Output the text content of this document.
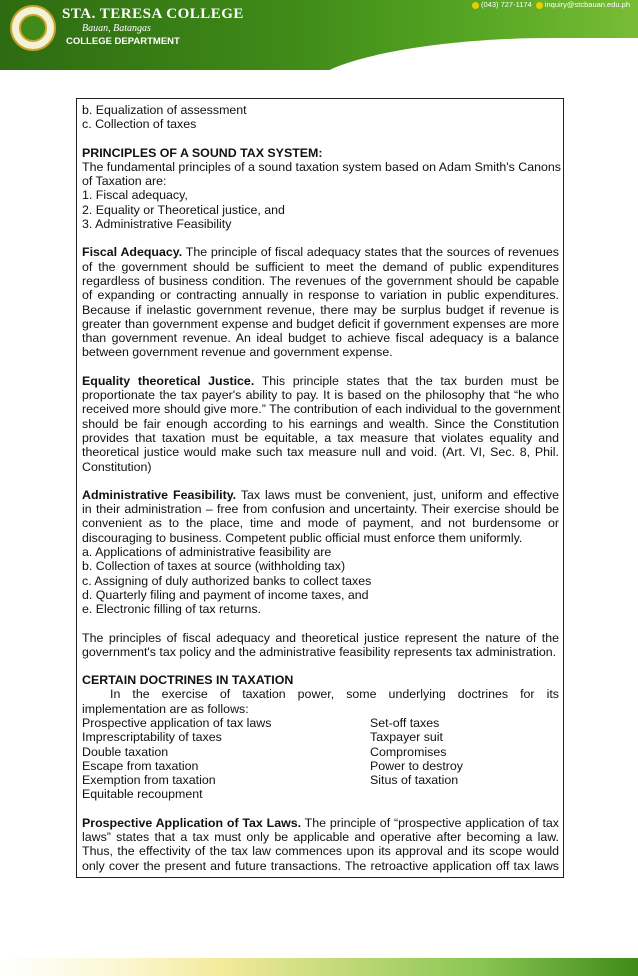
STA. TERESA COLLEGE
Bauan, Batangas
COLLEGE DEPARTMENT
(043) 727-1174 inquiry@stcbauan.edu.ph
b. Equalization of assessment
c. Collection of taxes
PRINCIPLES OF A SOUND TAX SYSTEM:
The fundamental principles of a sound taxation system based on Adam Smith's Canons
of Taxation are:
1. Fiscal adequacy,
2. Equality or Theoretical justice, and
3. Administrative Feasibility
Fiscal Adequacy. The principle of fiscal adequacy states that the sources of revenues
of the government should be sufficient to meet the demand of public expenditures
regardless of business condition. The revenues of the government should be capable
of expanding or contracting annually in response to variation in public expenditures.
Because if inelastic government revenue, there may be surplus budget if revenue is
greater than government expense and budget deficit if government expenses are more
than government revenue. An ideal budget to achieve fiscal adequacy is a balance
between government revenue and government expense.
Equality theoretical Justice. This principle states that the tax burden must be
proportionate the tax payer's ability to pay. It is based on the philosophy that “he who
received more should give more.” The contribution of each individual to the government
should be fair enough according to his earnings and wealth. Since the Constitution
provides that taxation must be equitable, a tax measure that violates equality and
theoretical justice would make such tax measure null and void. (Art. VI, Sec. 8, Phil.
Constitution)
Administrative Feasibility. Tax laws must be convenient, just, uniform and effective
in their administration – free from confusion and uncertainty. Their exercise should be
convenient as to the place, time and mode of payment, and not burdensome or
discouraging to business. Competent public official must enforce them uniformly.
a. Applications of administrative feasibility are
b. Collection of taxes at source (withholding tax)
c. Assigning of duly authorized banks to collect taxes
d. Quarterly filing and payment of income taxes, and
e. Electronic filling of tax returns.
The principles of fiscal adequacy and theoretical justice represent the nature of the
government's tax policy and the administrative feasibility represents tax administration.
CERTAIN DOCTRINES IN TAXATION
In the exercise of taxation power, some underlying doctrines for its
implementation are as follows:
Prospective application of tax laws	Set-off taxes
Imprescriptability of taxes	Taxpayer suit
Double taxation	Compromises
Escape from taxation	Power to destroy
Exemption from taxation	Situs of taxation
Equitable recoupment
Prospective Application of Tax Laws. The principle of “prospective application of tax
laws” states that a tax must only be applicable and operative after becoming a law.
Thus, the effectivity of the tax law commences upon its approval and its scope would
only cover the present and future transactions. The retroactive application off tax laws
